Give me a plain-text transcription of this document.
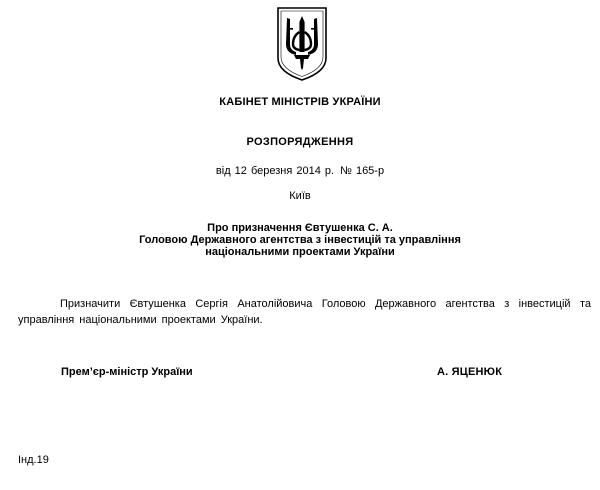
КАБІНЕТ МІНІСТРІВ УКРАЇНИ
РОЗПОРЯДЖЕННЯ
від 12 березня 2014 р. № 165-р
Київ
Про призначення Євтушенка С. А.
Головою Державного агентства з інвестицій та управління
національними проектами України
Призначити Євтушенка Сергія Анатолійовича Головою Державного агентства з інвестицій та управління національними проектами України.
Прем’єр-міністр України	А. ЯЦЕНЮК
Інд.19
